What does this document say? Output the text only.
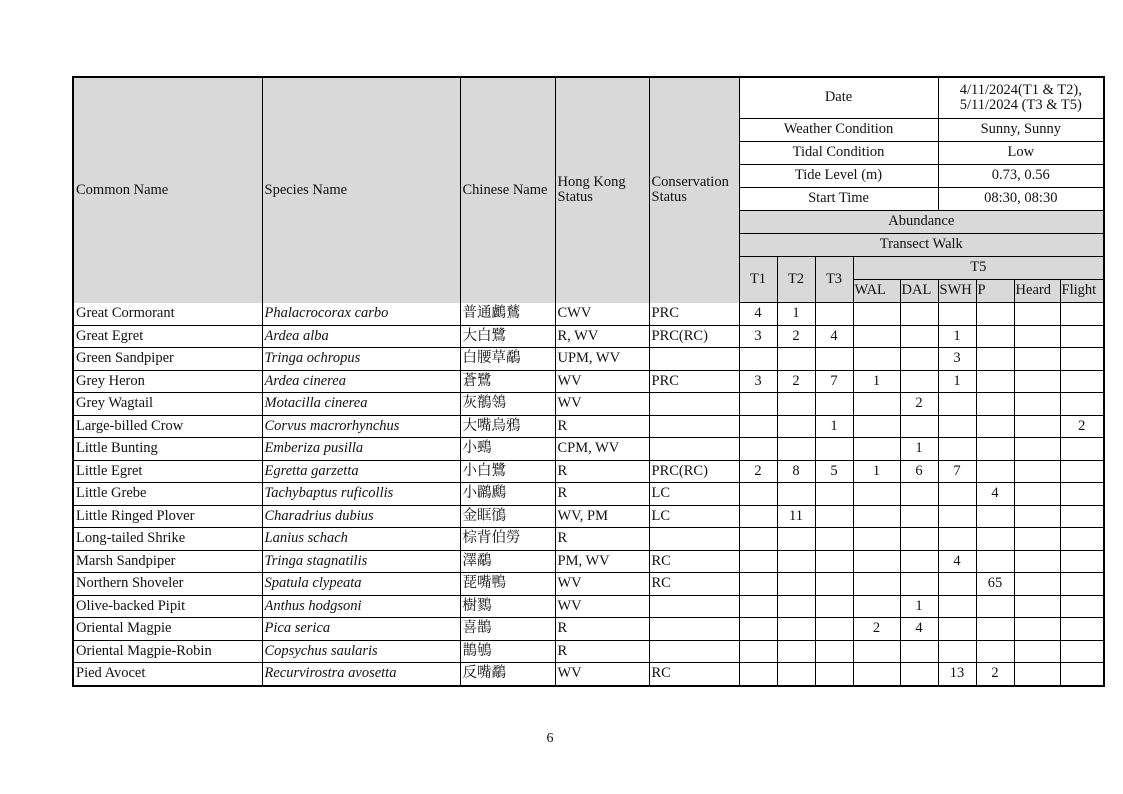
Common Name	Species Name	Chinese Name	Hong Kong Status	Conservation Status	Date					4/11/2024(T1 & T2),
5/11/2024 (T3 & T5)			

					Weather Condition					Sunny, Sunny			
					Tidal Condition					Low			
					Tide Level (m)					0.73, 0.56			
					Start Time					08:30, 08:30			
					Abundance								
					Transect Walk								
					T1	T2	T3	T5					
								WAL	DAL	SWH	P	Heard	Flight
Great Cormorant	Phalacrocorax carbo	普通鸕鶿	CWV	PRC	4	1							
Great Egret	Ardea alba	大白鷺	R, WV	PRC(RC)	3	2	4			1			
Green Sandpiper	Tringa ochropus	白腰草鷸	UPM, WV							3			
Grey Heron	Ardea cinerea	蒼鷺	WV	PRC	3	2	7	1		1			
Grey Wagtail	Motacilla cinerea	灰鶺鴒	WV						2				
Large-billed Crow	Corvus macrorhynchus	大嘴烏鴉	R				1						2
Little Bunting	Emberiza pusilla	小鵐	CPM, WV						1				
Little Egret	Egretta garzetta	小白鷺	R	PRC(RC)	2	8	5	1	6	7			
Little Grebe	Tachybaptus ruficollis	小鸊鷉	R	LC							4		
Little Ringed Plover	Charadrius dubius	金眶鴴	WV, PM	LC		11							
Long-tailed Shrike	Lanius schach	棕背伯勞	R										
Marsh Sandpiper	Tringa stagnatilis	澤鷸	PM, WV	RC						4			
Northern Shoveler	Spatula clypeata	琵嘴鴨	WV	RC							65		
Olive-backed Pipit	Anthus hodgsoni	樹鷚	WV						1				
Oriental Magpie	Pica serica	喜鵲	R					2	4				
Oriental Magpie-Robin	Copsychus saularis	鵲鴝	R										
Pied Avocet	Recurvirostra avosetta	反嘴鷸	WV	RC						13	2		
6
